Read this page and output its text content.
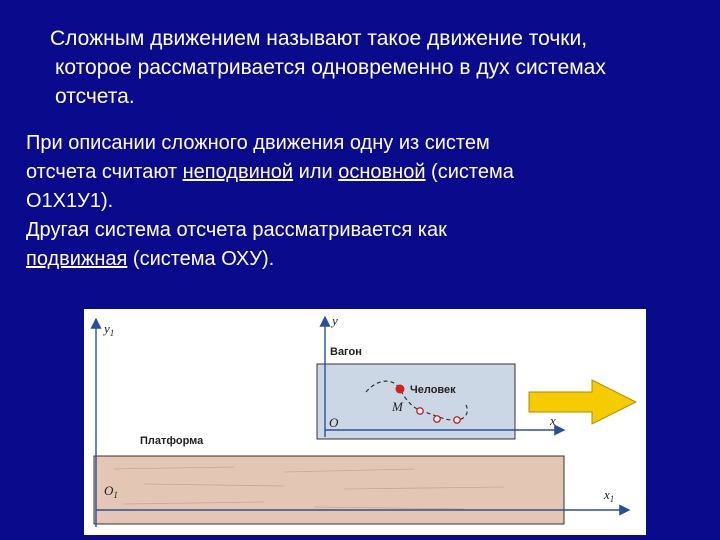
Сложным движением называют такое движение точки,

которое рассматривается одновременно в дух системах
отсчета.
При описании сложного движения одну из систем
отсчета считают неподвиной или основной (система
О1Х1У1).
Другая система отсчета рассматривается как
подвижная (система ОХУ).
$y_1$
y
Вагон
Человек
M
O	x
Платформа
$O_1$	$x_1$
